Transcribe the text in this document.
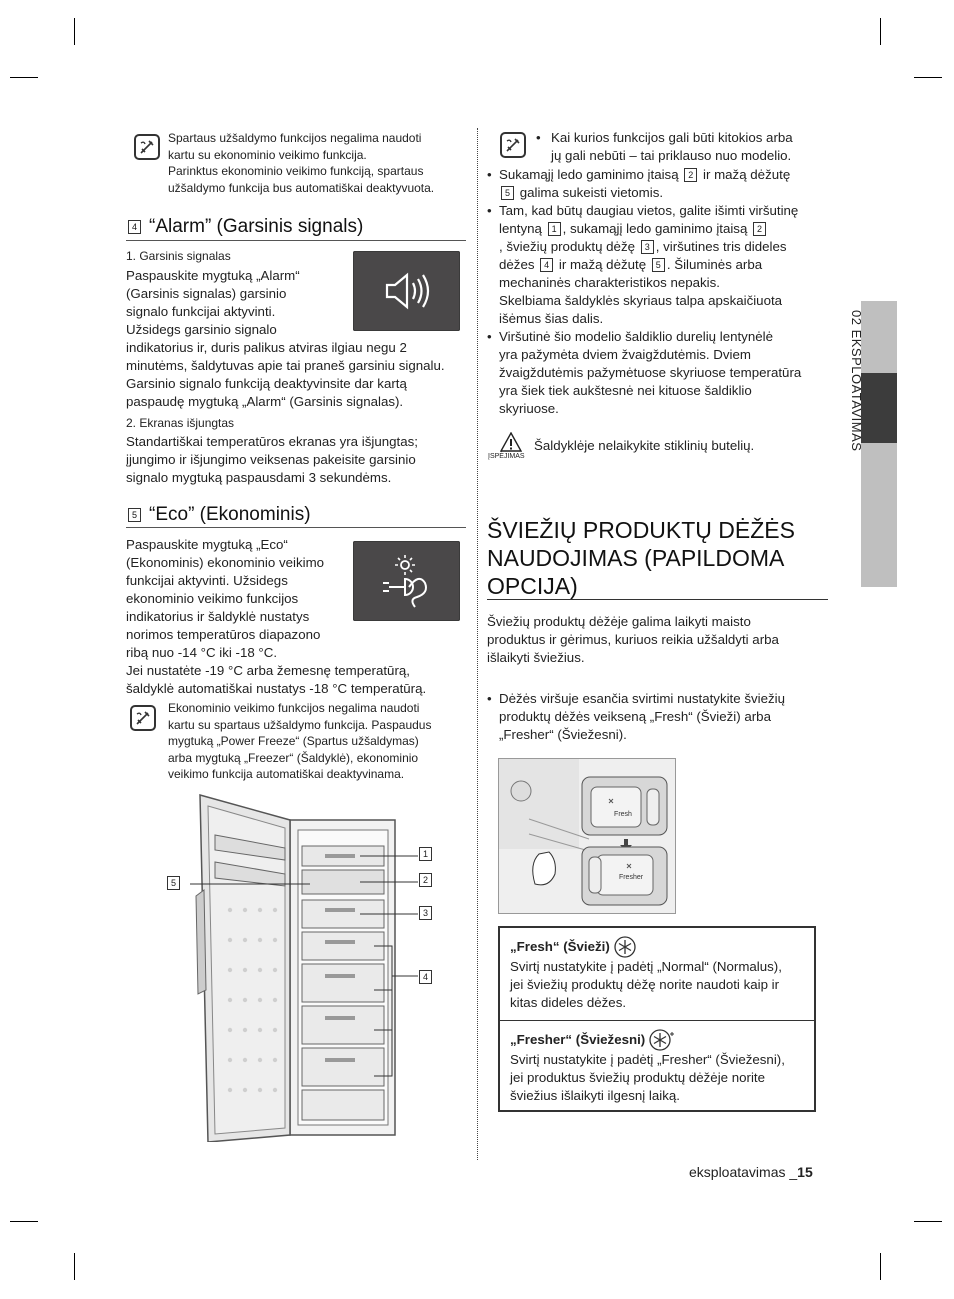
Spartaus užšaldymo funkcijos negalima naudoti
kartu su ekonominio veikimo funkcija.
Parinktus ekonominio veikimo funkciją, spartaus
užšaldymo funkcija bus automatiškai deaktyvuota.
4 “Alarm” (Garsinis signals)
1. Garsinis signalas
Paspauskite mygtuką „Alarm“
(Garsinis signalas) garsinio
signalo funkcijai aktyvinti.
Užsidegs garsinio signalo
indikatorius ir, duris palikus atviras ilgiau negu 2
minutėms, šaldytuvas apie tai praneš garsiniu signalu.
Garsinio signalo funkciją deaktyvinsite dar kartą
paspaudę mygtuką „Alarm“ (Garsinis signalas).
2. Ekranas išjungtas
Standartiškai temperatūros ekranas yra išjungtas;
įjungimo ir išjungimo veiksenas pakeisite garsinio
signalo mygtuką paspausdami 3 sekundėms.
5 “Eco” (Ekonominis)
Paspauskite mygtuką „Eco“
(Ekonominis) ekonominio veikimo
funkcijai aktyvinti. Užsidegs
ekonominio veikimo funkcijos
indikatorius ir šaldyklė nustatys
norimos temperatūros diapazono
ribą nuo -14 °C iki -18 °C.
Jei nustatėte -19 °C arba žemesnę temperatūrą,
šaldyklė automatiškai nustatys -18 °C temperatūrą.
Ekonominio veikimo funkcijos negalima naudoti
kartu su spartaus užšaldymo funkcija. Paspaudus
mygtuką „Power Freeze“ (Spartus užšaldymas)
arba mygtuką „Freezer“ (Šaldyklė), ekonominio
veikimo funkcija automatiškai deaktyvinama.
1
2
3
4
5
• Kai kurios funkcijos gali būti kitokios arba
jų gali nebūti – tai priklauso nuo modelio.
• Sukamąjį ledo gaminimo įtaisą 2 ir mažą dėžutę
5 galima sukeisti vietomis.
• Tam, kad būtų daugiau vietos, galite išimti viršutinę
lentyną 1 , sukamąjį ledo gaminimo įtaisą 2
, šviežių produktų dėžę 3 , viršutines tris dideles
dėžes 4 ir mažą dėžutę 5 . Šiluminės arba
mechaninės charakteristikos nepakis.
Skelbiama šaldyklės skyriaus talpa apskaičiuota
išėmus šias dalis.
• Viršutinė šio modelio šaldiklio durelių lentynėlė
yra pažymėta dviem žvaigždutėmis. Dviem
žvaigždutėmis pažymėtuose skyriuose temperatūra
yra šiek tiek aukštesnė nei kituose šaldiklio
skyriuose.
ĮSPĖJIMAS
Šaldyklėje nelaikykite stiklinių butelių.
ŠVIEŽIŲ PRODUKTŲ DĖŽĖS
NAUDOJIMAS (PAPILDOMA
OPCIJA)
Šviežių produktų dėžėje galima laikyti maisto
produktus ir gėrimus, kuriuos reikia užšaldyti arba
išlaikyti šviežius.
• Dėžės viršuje esančia svirtimi nustatykite šviežių
produktų dėžės veikseną „Fresh“ (Švieži) arba
„Fresher“ (Šviežesni).
Fresh
Fresher
„Fresh“ (Švieži)
Svirtį nustatykite į padėtį „Normal“ (Normalus),
jei šviežių produktų dėžę norite naudoti kaip ir
kitas dideles dėžes.
„Fresher“ (Šviežesni)
Svirtį nustatykite į padėtį „Fresher“ (Šviežesni),
jei produktus šviežių produktų dėžėje norite
šviežius išlaikyti ilgesnį laiką.
02 EKSPLOATAVIMAS
eksploatavimas _15
